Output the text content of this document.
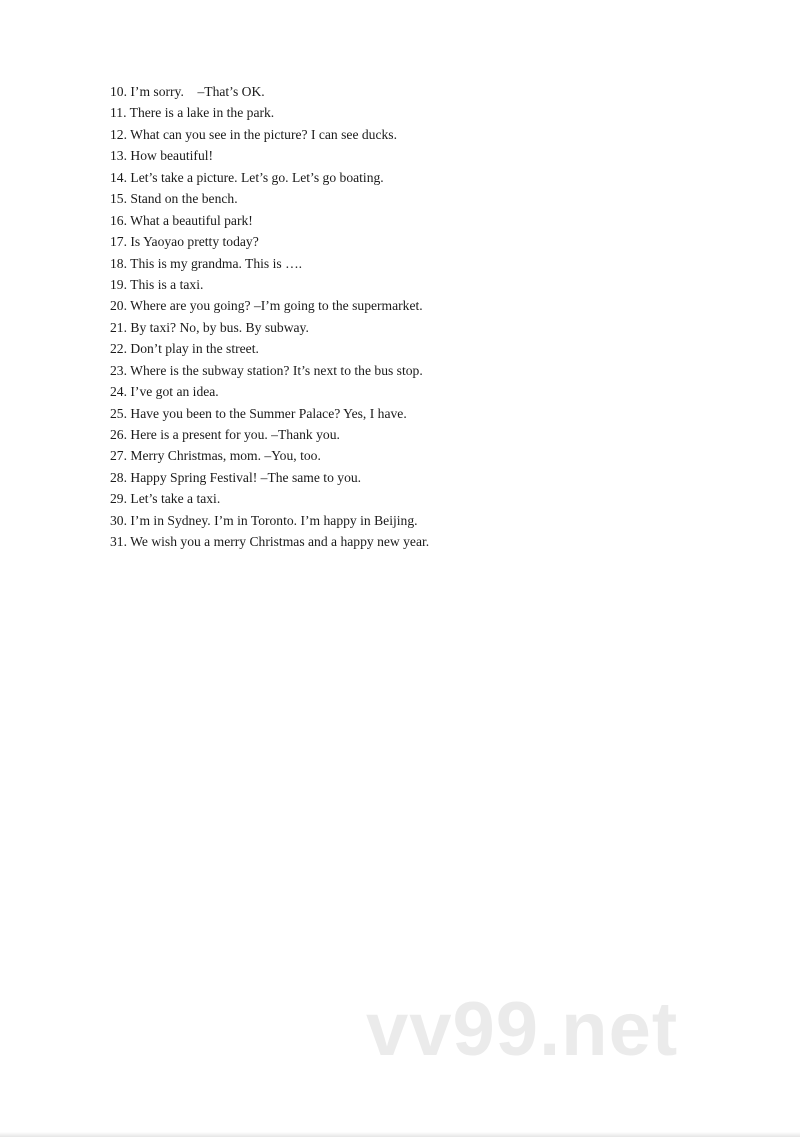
10. I’m sorry.    –That’s OK.
11. There is a lake in the park.
12. What can you see in the picture? I can see ducks.
13. How beautiful!
14. Let’s take a picture. Let’s go. Let’s go boating.
15. Stand on the bench.
16. What a beautiful park!
17. Is Yaoyao pretty today?
18. This is my grandma. This is ….
19. This is a taxi.
20. Where are you going? –I’m going to the supermarket.
21. By taxi? No, by bus. By subway.
22. Don’t play in the street.
23. Where is the subway station? It’s next to the bus stop.
24. I’ve got an idea.
25. Have you been to the Summer Palace? Yes, I have.
26. Here is a present for you. –Thank you.
27. Merry Christmas, mom. –You, too.
28. Happy Spring Festival! –The same to you.
29. Let’s take a taxi.
30. I’m in Sydney. I’m in Toronto. I’m happy in Beijing.
31. We wish you a merry Christmas and a happy new year.
vv99.net
